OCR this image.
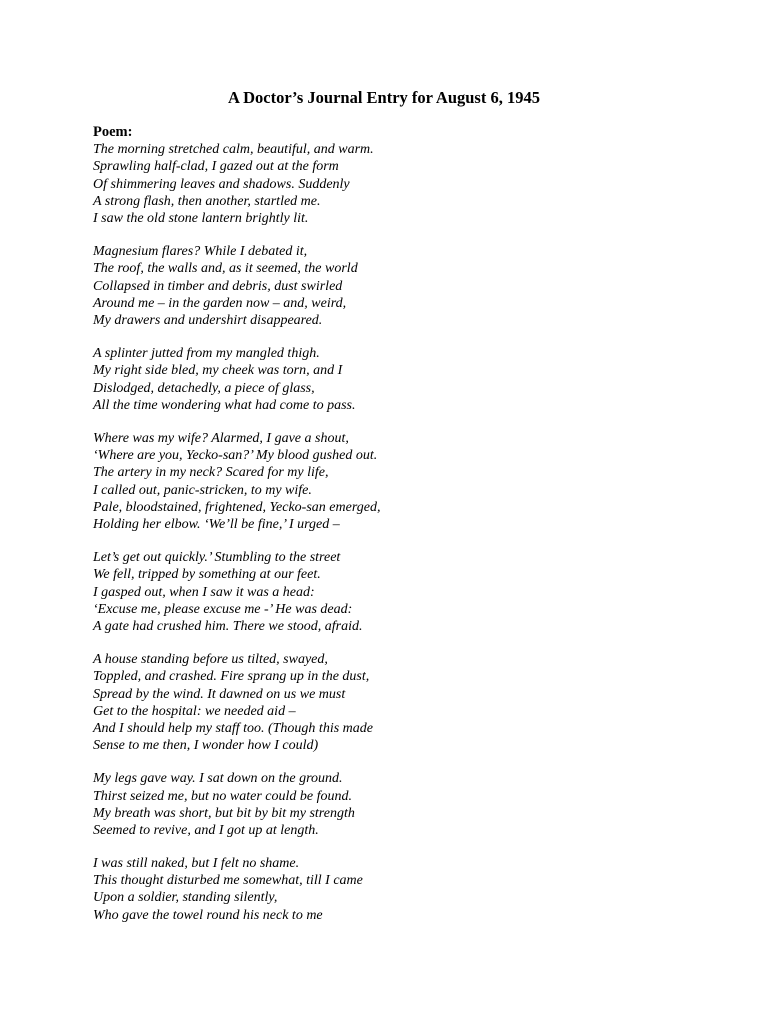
A Doctor’s Journal Entry for August 6, 1945
Poem:
The morning stretched calm, beautiful, and warm.
Sprawling half-clad, I gazed out at the form
Of shimmering leaves and shadows. Suddenly
A strong flash, then another, startled me.
I saw the old stone lantern brightly lit.
Magnesium flares? While I debated it,
The roof, the walls and, as it seemed, the world
Collapsed in timber and debris, dust swirled
Around me – in the garden now – and, weird,
My drawers and undershirt disappeared.
A splinter jutted from my mangled thigh.
My right side bled, my cheek was torn, and I
Dislodged, detachedly, a piece of glass,
All the time wondering what had come to pass.
Where was my wife? Alarmed, I gave a shout,
‘Where are you, Yecko-san?’ My blood gushed out.
The artery in my neck? Scared for my life,
I called out, panic-stricken, to my wife.
Pale, bloodstained, frightened, Yecko-san emerged,
Holding her elbow. ‘We’ll be fine,’ I urged –
Let’s get out quickly.’ Stumbling to the street
We fell, tripped by something at our feet.
I gasped out, when I saw it was a head:
‘Excuse me, please excuse me -’ He was dead:
A gate had crushed him. There we stood, afraid.
A house standing before us tilted, swayed,
Toppled, and crashed. Fire sprang up in the dust,
Spread by the wind. It dawned on us we must
Get to the hospital: we needed aid –
And I should help my staff too. (Though this made
Sense to me then, I wonder how I could)
My legs gave way. I sat down on the ground.
Thirst seized me, but no water could be found.
My breath was short, but bit by bit my strength
Seemed to revive, and I got up at length.
I was still naked, but I felt no shame.
This thought disturbed me somewhat, till I came
Upon a soldier, standing silently,
Who gave the towel round his neck to me
